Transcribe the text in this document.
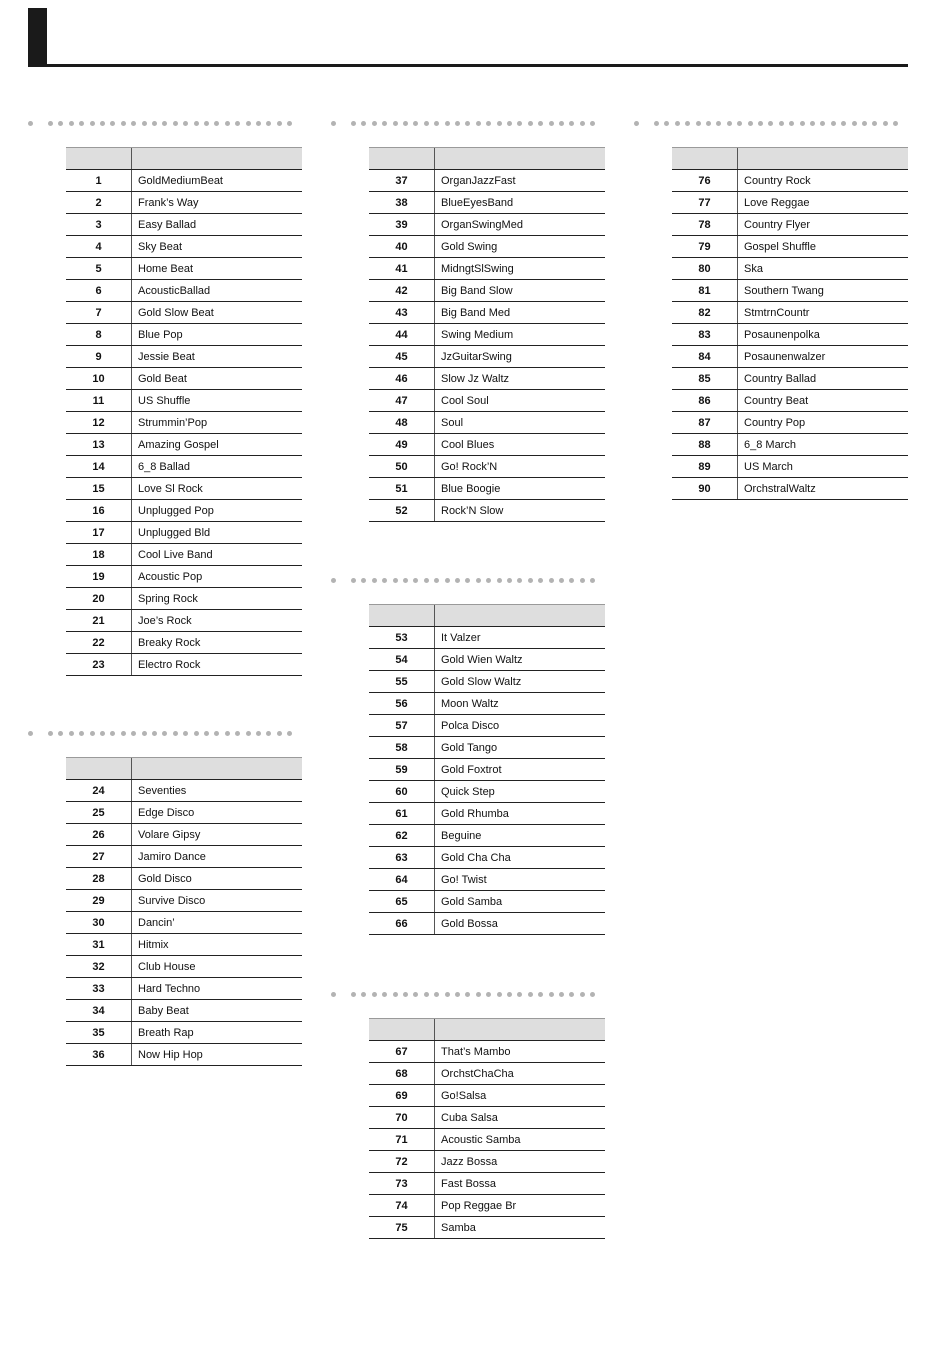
1	GoldMediumBeat
2	Frank’s Way
3	Easy Ballad
4	Sky Beat
5	Home Beat
6	AcousticBallad
7	Gold Slow Beat
8	Blue Pop
9	Jessie Beat
10	Gold Beat
11	US Shuffle
12	Strummin’Pop
13	Amazing Gospel
14	6_8 Ballad
15	Love Sl Rock
16	Unplugged Pop
17	Unplugged Bld
18	Cool Live Band
19	Acoustic Pop
20	Spring Rock
21	Joe’s Rock
22	Breaky Rock
23	Electro Rock
24	Seventies
25	Edge Disco
26	Volare Gipsy
27	Jamiro Dance
28	Gold Disco
29	Survive Disco
30	Dancin’
31	Hitmix
32	Club House
33	Hard Techno
34	Baby Beat
35	Breath Rap
36	Now Hip Hop
37	OrganJazzFast
38	BlueEyesBand
39	OrganSwingMed
40	Gold Swing
41	MidngtSlSwing
42	Big Band Slow
43	Big Band Med
44	Swing Medium
45	JzGuitarSwing
46	Slow Jz Waltz
47	Cool Soul
48	Soul
49	Cool Blues
50	Go! Rock’N
51	Blue Boogie
52	Rock’N Slow
53	It Valzer
54	Gold Wien Waltz
55	Gold Slow Waltz
56	Moon Waltz
57	Polca Disco
58	Gold Tango
59	Gold Foxtrot
60	Quick Step
61	Gold Rhumba
62	Beguine
63	Gold Cha Cha
64	Go! Twist
65	Gold Samba
66	Gold Bossa
67	That’s Mambo
68	OrchstChaCha
69	Go!Salsa
70	Cuba Salsa
71	Acoustic Samba
72	Jazz Bossa
73	Fast Bossa
74	Pop Reggae Br
75	Samba
76	Country Rock
77	Love Reggae
78	Country Flyer
79	Gospel Shuffle
80	Ska
81	Southern Twang
82	StmtrnCountr
83	Posaunenpolka
84	Posaunenwalzer
85	Country Ballad
86	Country Beat
87	Country Pop
88	6_8 March
89	US March
90	OrchstralWaltz
